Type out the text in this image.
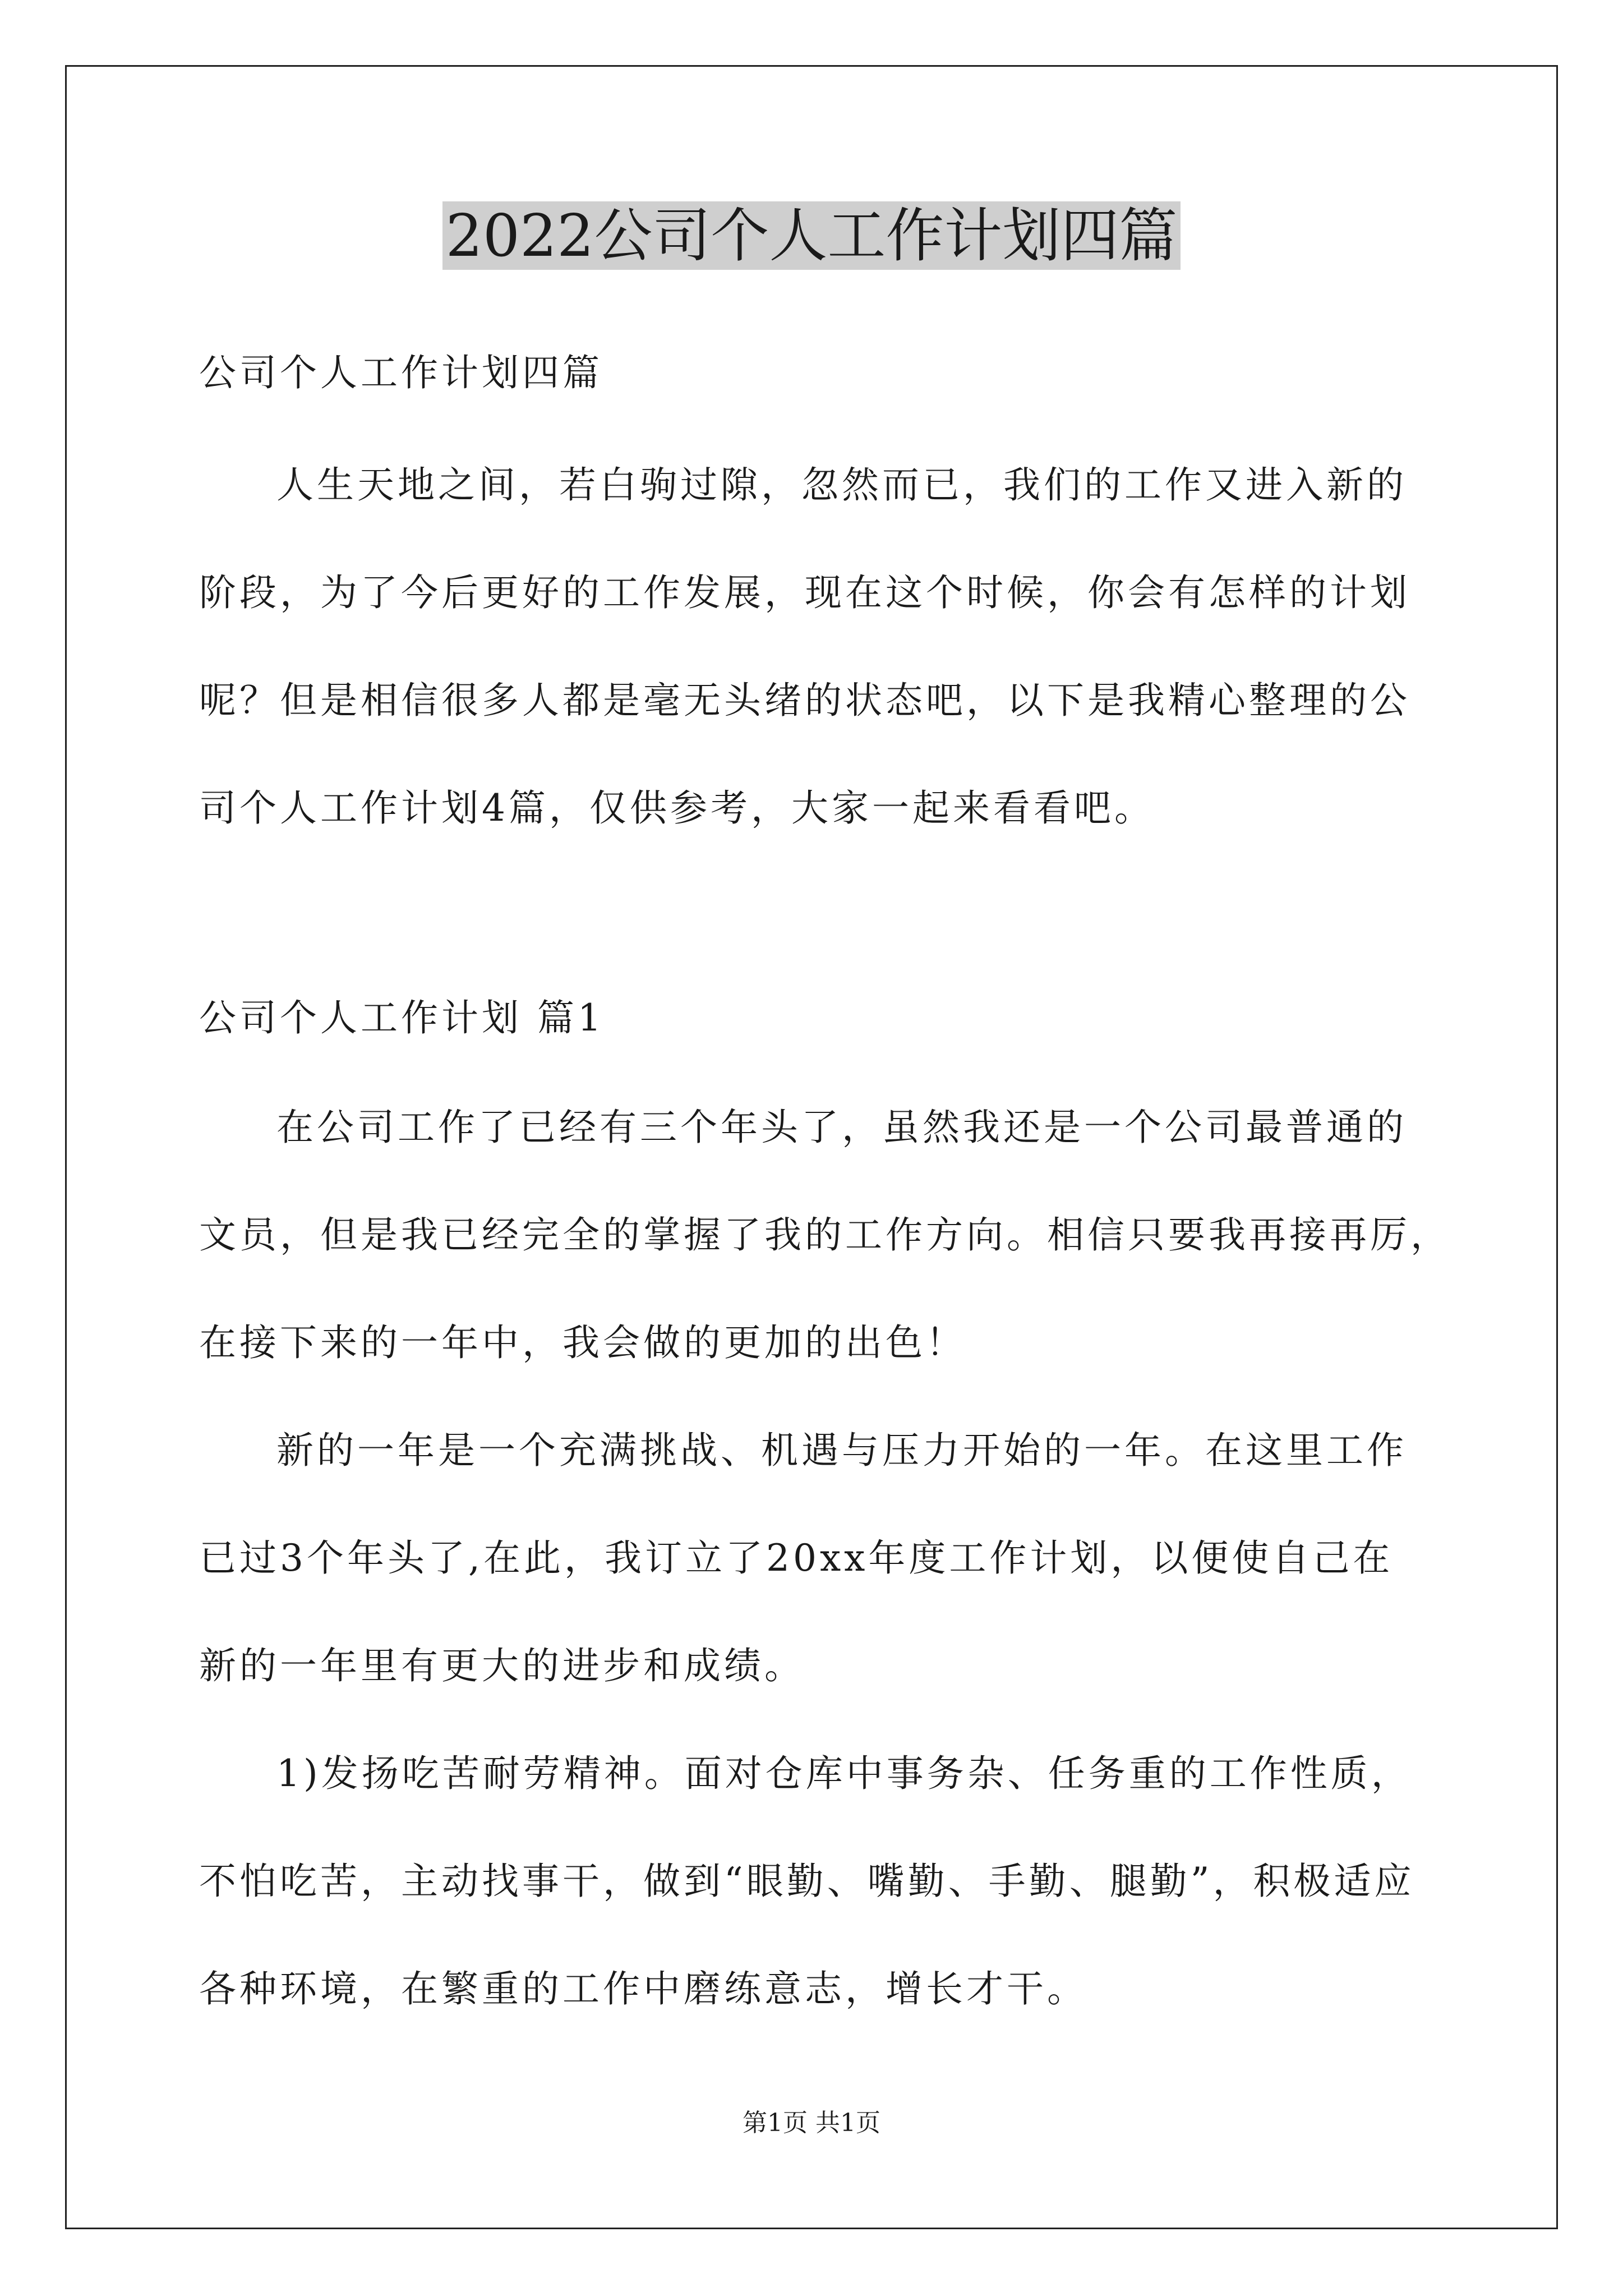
2022公司个人工作计划四篇
公司个人工作计划四篇
人生天地之间，若白驹过隙，忽然而已，我们的工作又进入新的
阶段，为了今后更好的工作发展，现在这个时候，你会有怎样的计划
呢？但是相信很多人都是毫无头绪的状态吧，以下是我精心整理的公
司个人工作计划4篇，仅供参考，大家一起来看看吧。
公司个人工作计划 篇1
在公司工作了已经有三个年头了，虽然我还是一个公司最普通的
文员，但是我已经完全的掌握了我的工作方向。相信只要我再接再厉，
在接下来的一年中，我会做的更加的出色！
新的一年是一个充满挑战、机遇与压力开始的一年。在这里工作
已过3个年头了,在此，我订立了20xx年度工作计划，以便使自己在
新的一年里有更大的进步和成绩。
1)发扬吃苦耐劳精神。面对仓库中事务杂、任务重的工作性质，
不怕吃苦，主动找事干，做到“眼勤、嘴勤、手勤、腿勤”，积极适应
各种环境，在繁重的工作中磨练意志，增长才干。
第1页 共1页
